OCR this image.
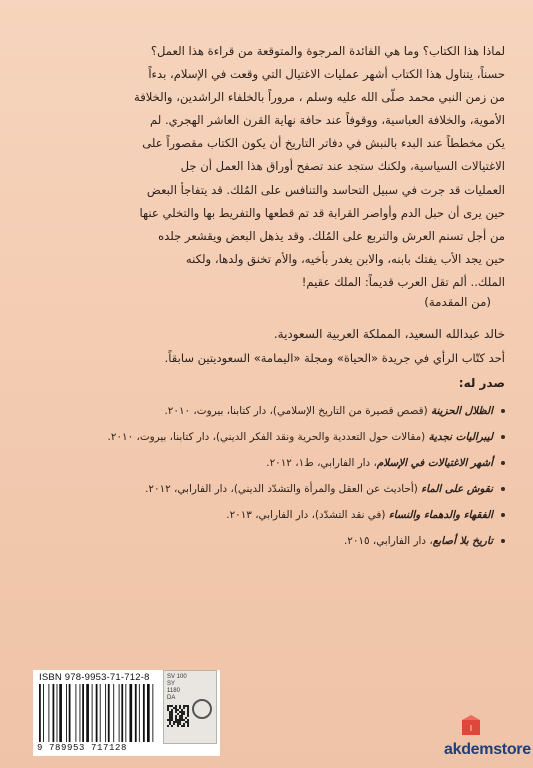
لماذا هذا الكتاب؟ وما هي الفائدة المرجوة والمتوقعة من قراءة هذا العمل؟
حسناً، يتناول هذا الكتاب أشهر عمليات الاغتيال التي وقعت في الإسلام، بدءاً
من زمن النبي محمد صلّى الله عليه وسلم ، مروراً بالخلفاء الراشدين، والخلافة
الأموية، والخلافة العباسية، ووقوفاً عند حافة نهاية القرن العاشر الهجري. لم
يكن مخططاً عند البدء بالنبش في دفاتر التاريخ أن يكون الكتاب مقصوراً على
الاغتيالات السياسية، ولكنك ستجد عند تصفح أوراق هذا العمل أن جل
العمليات قد جرت في سبيل التحاسد والتنافس على المُلك. قد يتفاجأ البعض
حين يرى أن حبل الدم وأواصر القرابة قد تم قطعها والتفريط بها والتخلي عنها
من أجل تسنم العرش والتربع على المُلك. وقد يذهل البعض ويقشعر جلده
حين يجد الأب يفتك بابنه، والابن يغدر بأخيه، والأم تخنق ولدها، ولكنه
الملك.. ألم تقل العرب قديماً: الملك عقيم!
(من المقدمة)
خالد عبدالله السعيد، المملكة العربية السعودية.
أحد كتّاب الرأي في جريدة «الحياة» ومجلة «اليمامة» السعوديتين سابقاً.
صدر له:
الظلال الحزينة (قصص قصيرة من التاريخ الإسلامي)، دار كتابنا، بيروت، ٢٠١٠.
ليبراليات نجدية (مقالات حول التعددية والحرية ونقد الفكر الديني)، دار كتابنا، بيروت، ٢٠١٠.
أشهر الاغتيالات في الإسلام، دار الفارابي، ط١، ٢٠١٢.
نقوش على الماء (أحاديث عن العقل والمرأة والتشدّد الديني)، دار الفارابي، ٢٠١٢.
الفقهاء والدهماء والنساء (في نقد التشدّد)، دار الفارابي، ٢٠١٣.
تاريخ بلا أصابع، دار الفارابي، ٢٠١٥.
ISBN 978-9953-71-712-8
9 789953 717128
SV 100
SY
1180
DA
ا
akdemstore
